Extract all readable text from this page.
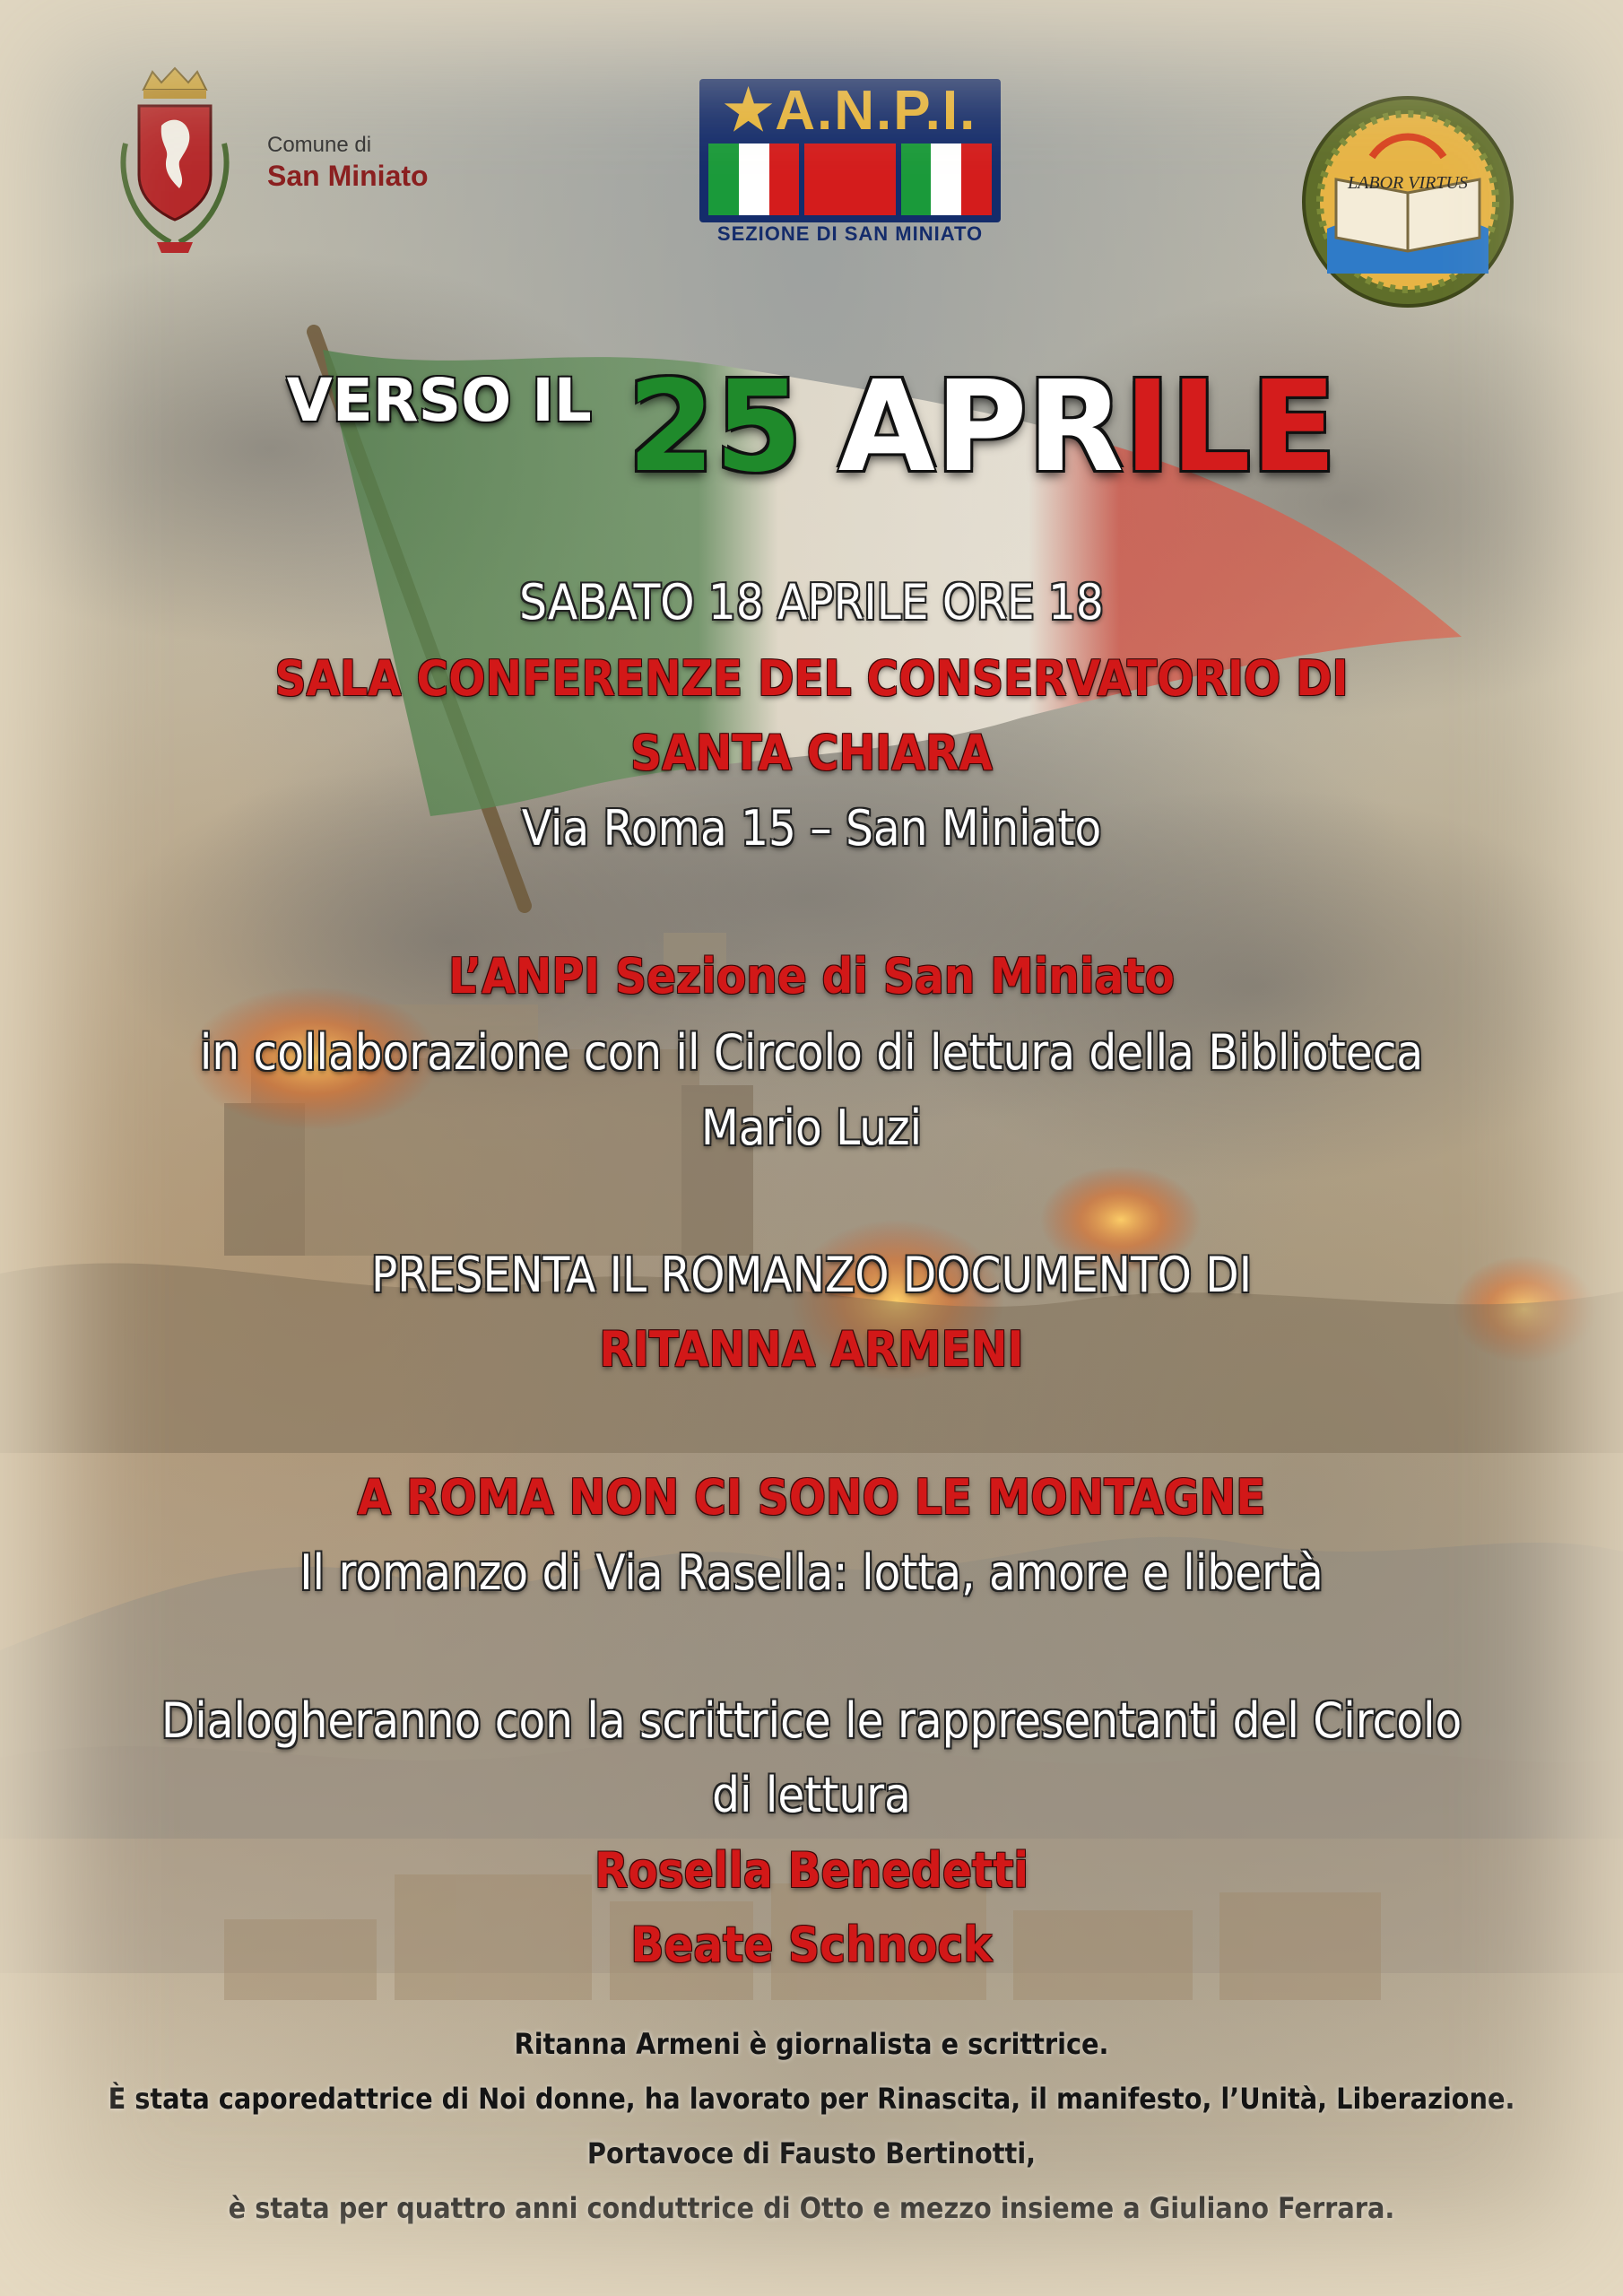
Comune di
San Miniato
★A.N.P.I.
SEZIONE DI SAN MINIATO
LABOR VIRTUS
VERSO IL 25 APRILE
SABATO 18 APRILE ORE 18
SALA CONFERENZE DEL CONSERVATORIO DI
SANTA CHIARA
Via Roma 15 – San Miniato
L’ANPI Sezione di San Miniato
in collaborazione con il Circolo di lettura della Biblioteca
Mario Luzi
PRESENTA IL ROMANZO DOCUMENTO DI
RITANNA ARMENI
A ROMA NON CI SONO LE MONTAGNE
Il romanzo di Via Rasella: lotta, amore e libertà
Dialogheranno con la scrittrice le rappresentanti del Circolo
di lettura
Rosella Benedetti
Beate Schnock
Ritanna Armeni è giornalista e scrittrice.
È stata caporedattrice di Noi donne, ha lavorato per Rinascita, il manifesto, l’Unità, Liberazione.
Portavoce di Fausto Bertinotti,
è stata per quattro anni conduttrice di Otto e mezzo insieme a Giuliano Ferrara.
